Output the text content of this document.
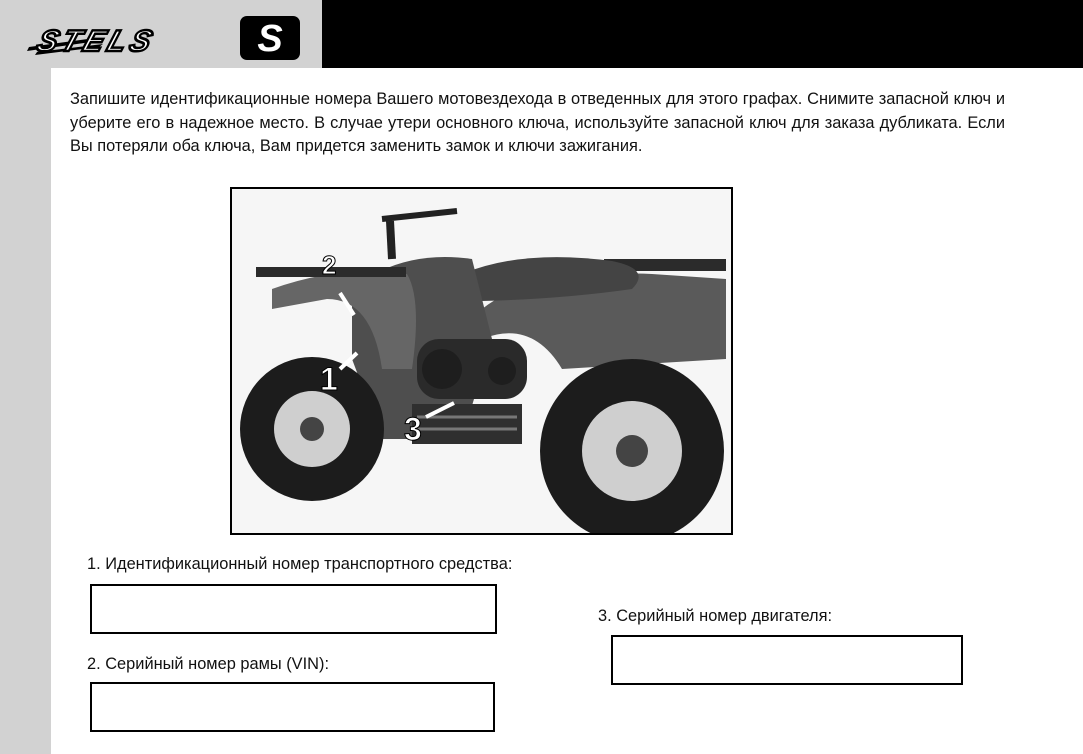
STELS	S

Запишите идентификационные номера Вашего мотовездехода в отведенных для этого графах. Снимите запасной ключ и уберите его в надежное место. В случае утери основного ключа, используйте запасной ключ для заказа дубликата. Если Вы потеряли оба ключа, Вам придется заменить замок и ключи зажигания.

1
2
3

1. Идентификационный номер транспортного средства:

2. Серийный номер рамы (VIN):

3. Серийный номер двигателя:
